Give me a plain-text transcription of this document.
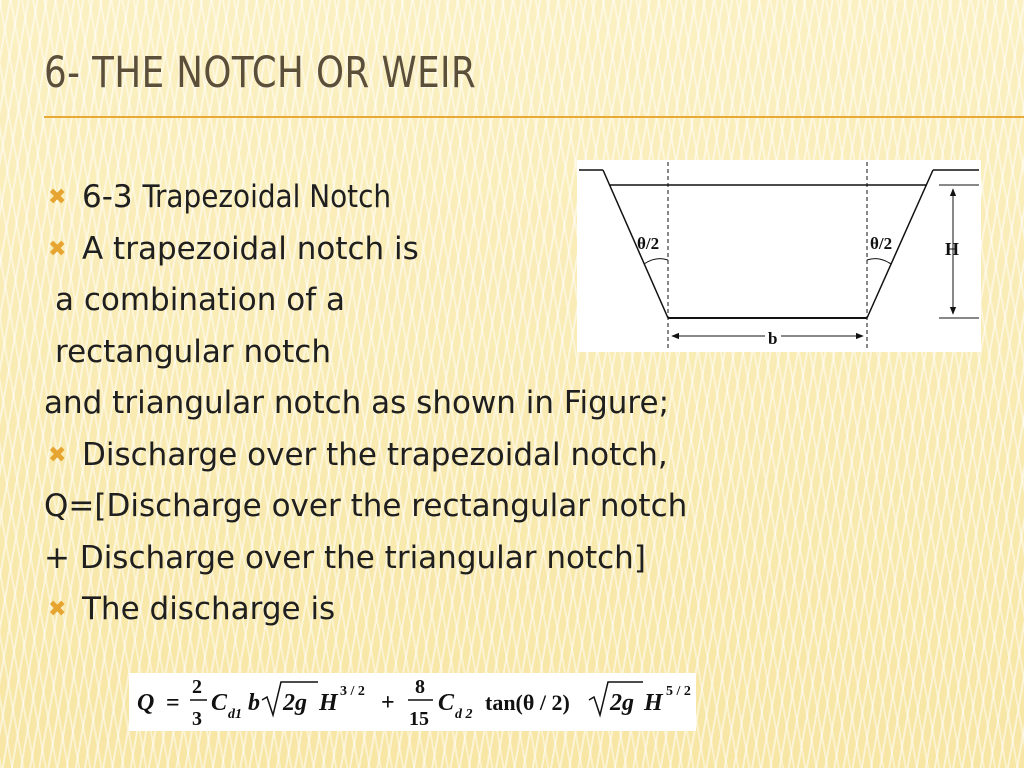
6- THE NOTCH OR WEIR
✖ 6-3 Trapezoidal Notch
✖ A trapezoidal notch is
a combination of a
rectangular notch
and triangular notch as shown in Figure;
✖ Discharge over the trapezoidal notch,
Q=[Discharge over the rectangular notch
+ Discharge over the triangular notch]
✖ The discharge is
θ/2	θ/2	H
b
Q =
2
3
C d1 b 2g H 3 / 2 +
8
15
C d 2 tan(θ / 2) 2g H 5 / 2
